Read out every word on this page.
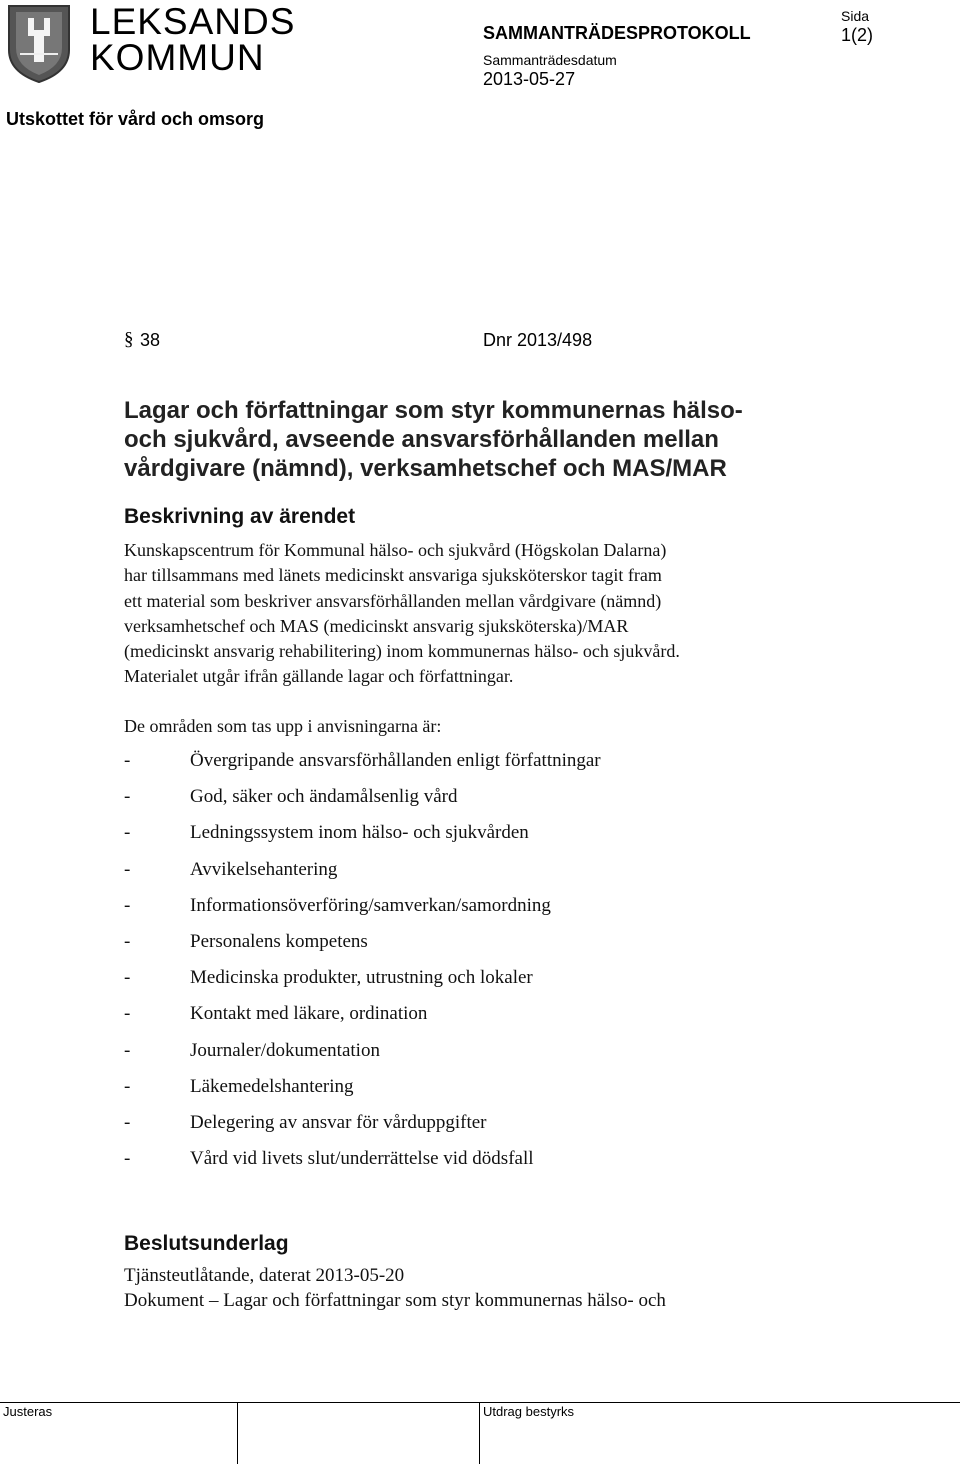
LEKSANDS
KOMMUN
SAMMANTRÄDESPROTOKOLL
Sammanträdesdatum
2013-05-27
Sida
1(2)
Utskottet för vård och omsorg
§ 38	Dnr 2013/498
Lagar och författningar som styr kommunernas hälso-
och sjukvård, avseende ansvarsförhållanden mellan
vårdgivare (nämnd), verksamhetschef och MAS/MAR
Beskrivning av ärendet
Kunskapscentrum för Kommunal hälso- och sjukvård (Högskolan Dalarna)
har tillsammans med länets medicinskt ansvariga sjuksköterskor tagit fram
ett material som beskriver ansvarsförhållanden mellan vårdgivare (nämnd)
verksamhetschef och MAS (medicinskt ansvarig sjuksköterska)/MAR
(medicinskt ansvarig rehabilitering) inom kommunernas hälso- och sjukvård.
Materialet utgår ifrån gällande lagar och författningar.
De områden som tas upp i anvisningarna är:
-	Övergripande ansvarsförhållanden enligt författningar
-	God, säker och ändamålsenlig vård
-	Ledningssystem inom hälso- och sjukvården
-	Avvikelsehantering
-	Informationsöverföring/samverkan/samordning
-	Personalens kompetens
-	Medicinska produkter, utrustning och lokaler
-	Kontakt med läkare, ordination
-	Journaler/dokumentation
-	Läkemedelshantering
-	Delegering av ansvar för vårduppgifter
-	Vård vid livets slut/underrättelse vid dödsfall
Beslutsunderlag
Tjänsteutlåtande, daterat 2013-05-20
Dokument – Lagar och författningar som styr kommunernas hälso- och
Justeras	Utdrag bestyrks
